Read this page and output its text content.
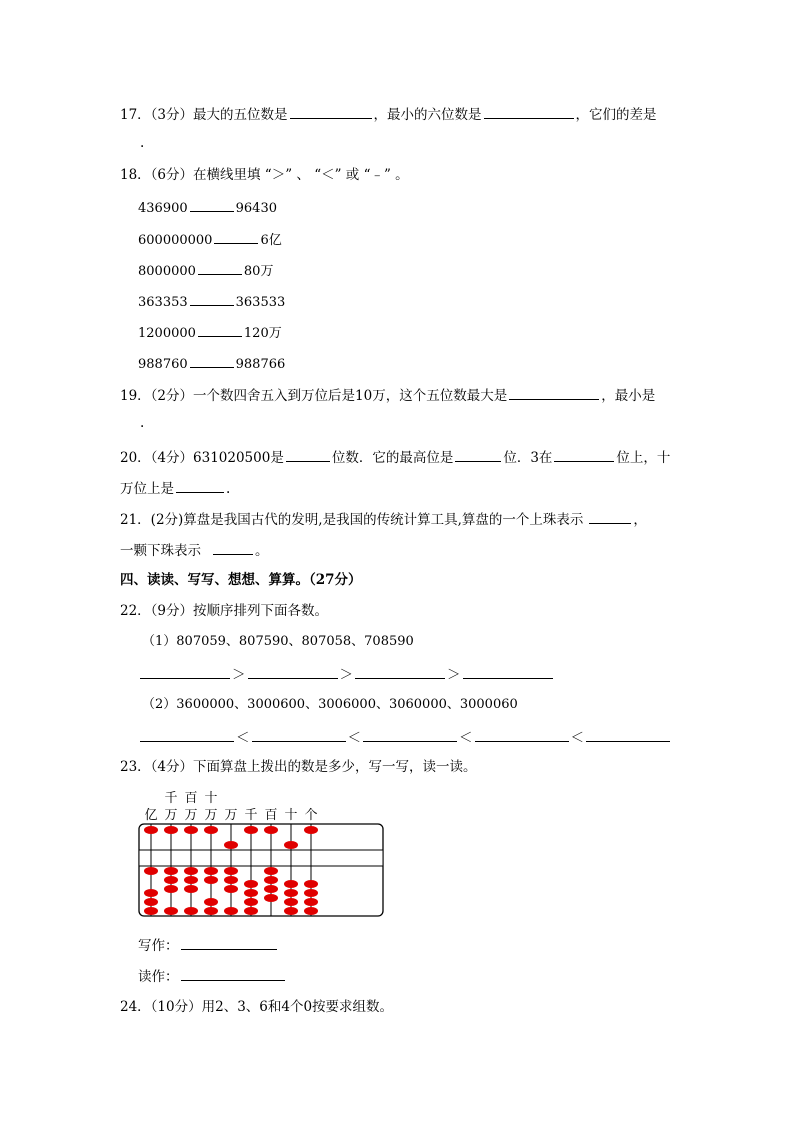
17．（3分）最大的五位数是	，最小的六位数是	，它们的差是
.
18．（6分）在横线里填 “＞” 、 “＜” 或 “﹣” 。
436900	96430
600000000	6亿
8000000	80万
363353	363533
1200000	120万
988760	988766
19．（2分）一个数四舍五入到万位后是10万，这个五位数最大是	，最小是
.
20．（4分）631020500是	位数．它的最高位是	位．3在	位上，十
万位上是	.
21．(2分)算盘是我国古代的发明,是我国的传统计算工具,算盘的一个上珠表示	，
一颗下珠表示	。
四、读读、写写、想想、算算。（27分）
22．（9分）按顺序排列下面各数。
（1）807059、807590、807058、708590
＞	＞	＞
（2）3600000、3000600、3006000、3060000、3000060
＜	＜	＜	＜
23．（4分）下面算盘上拨出的数是多少，写一写，读一读。
千 百 十
亿 万 万 万 万 千 百 十 个
写作：
读作：
24．（10分）用2、3、6和4个0按要求组数。
